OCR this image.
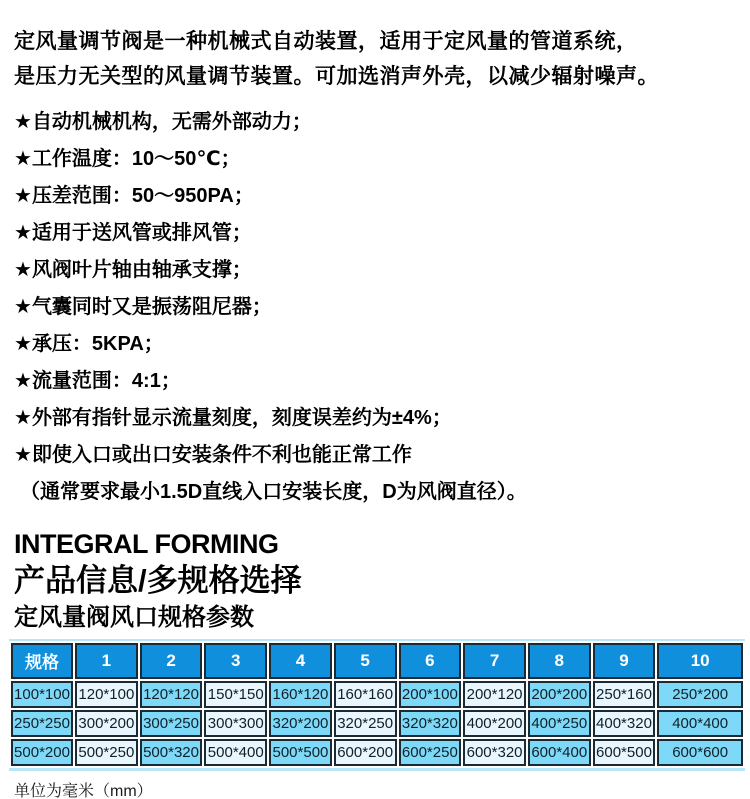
定风量调节阀是一种机械式自动装置，适用于定风量的管道系统，
是压力无关型的风量调节装置。可加选消声外壳，以减少辐射噪声。
★自动机械机构，无需外部动力；
★工作温度：10～50℃；
★压差范围：50～950PA；
★适用于送风管或排风管；
★风阀叶片轴由轴承支撑；
★气囊同时又是振荡阻尼器；
★承压：5KPA；
★流量范围：4:1；
★外部有指针显示流量刻度，刻度误差约为±4%；
★即使入口或出口安装条件不利也能正常工作
（通常要求最小1.5D直线入口安装长度，D为风阀直径）。
INTEGRAL FORMING
产品信息/多规格选择
定风量阀风口规格参数
规格	1	2	3	4	5	6	7	8	9	10
100*100	120*100	120*120	150*150	160*120	160*160	200*100	200*120	200*200	250*160	250*200
250*250	300*200	300*250	300*300	320*200	320*250	320*320	400*200	400*250	400*320	400*400
500*200	500*250	500*320	500*400	500*500	600*200	600*250	600*320	600*400	600*500	600*600
单位为毫米（mm）
